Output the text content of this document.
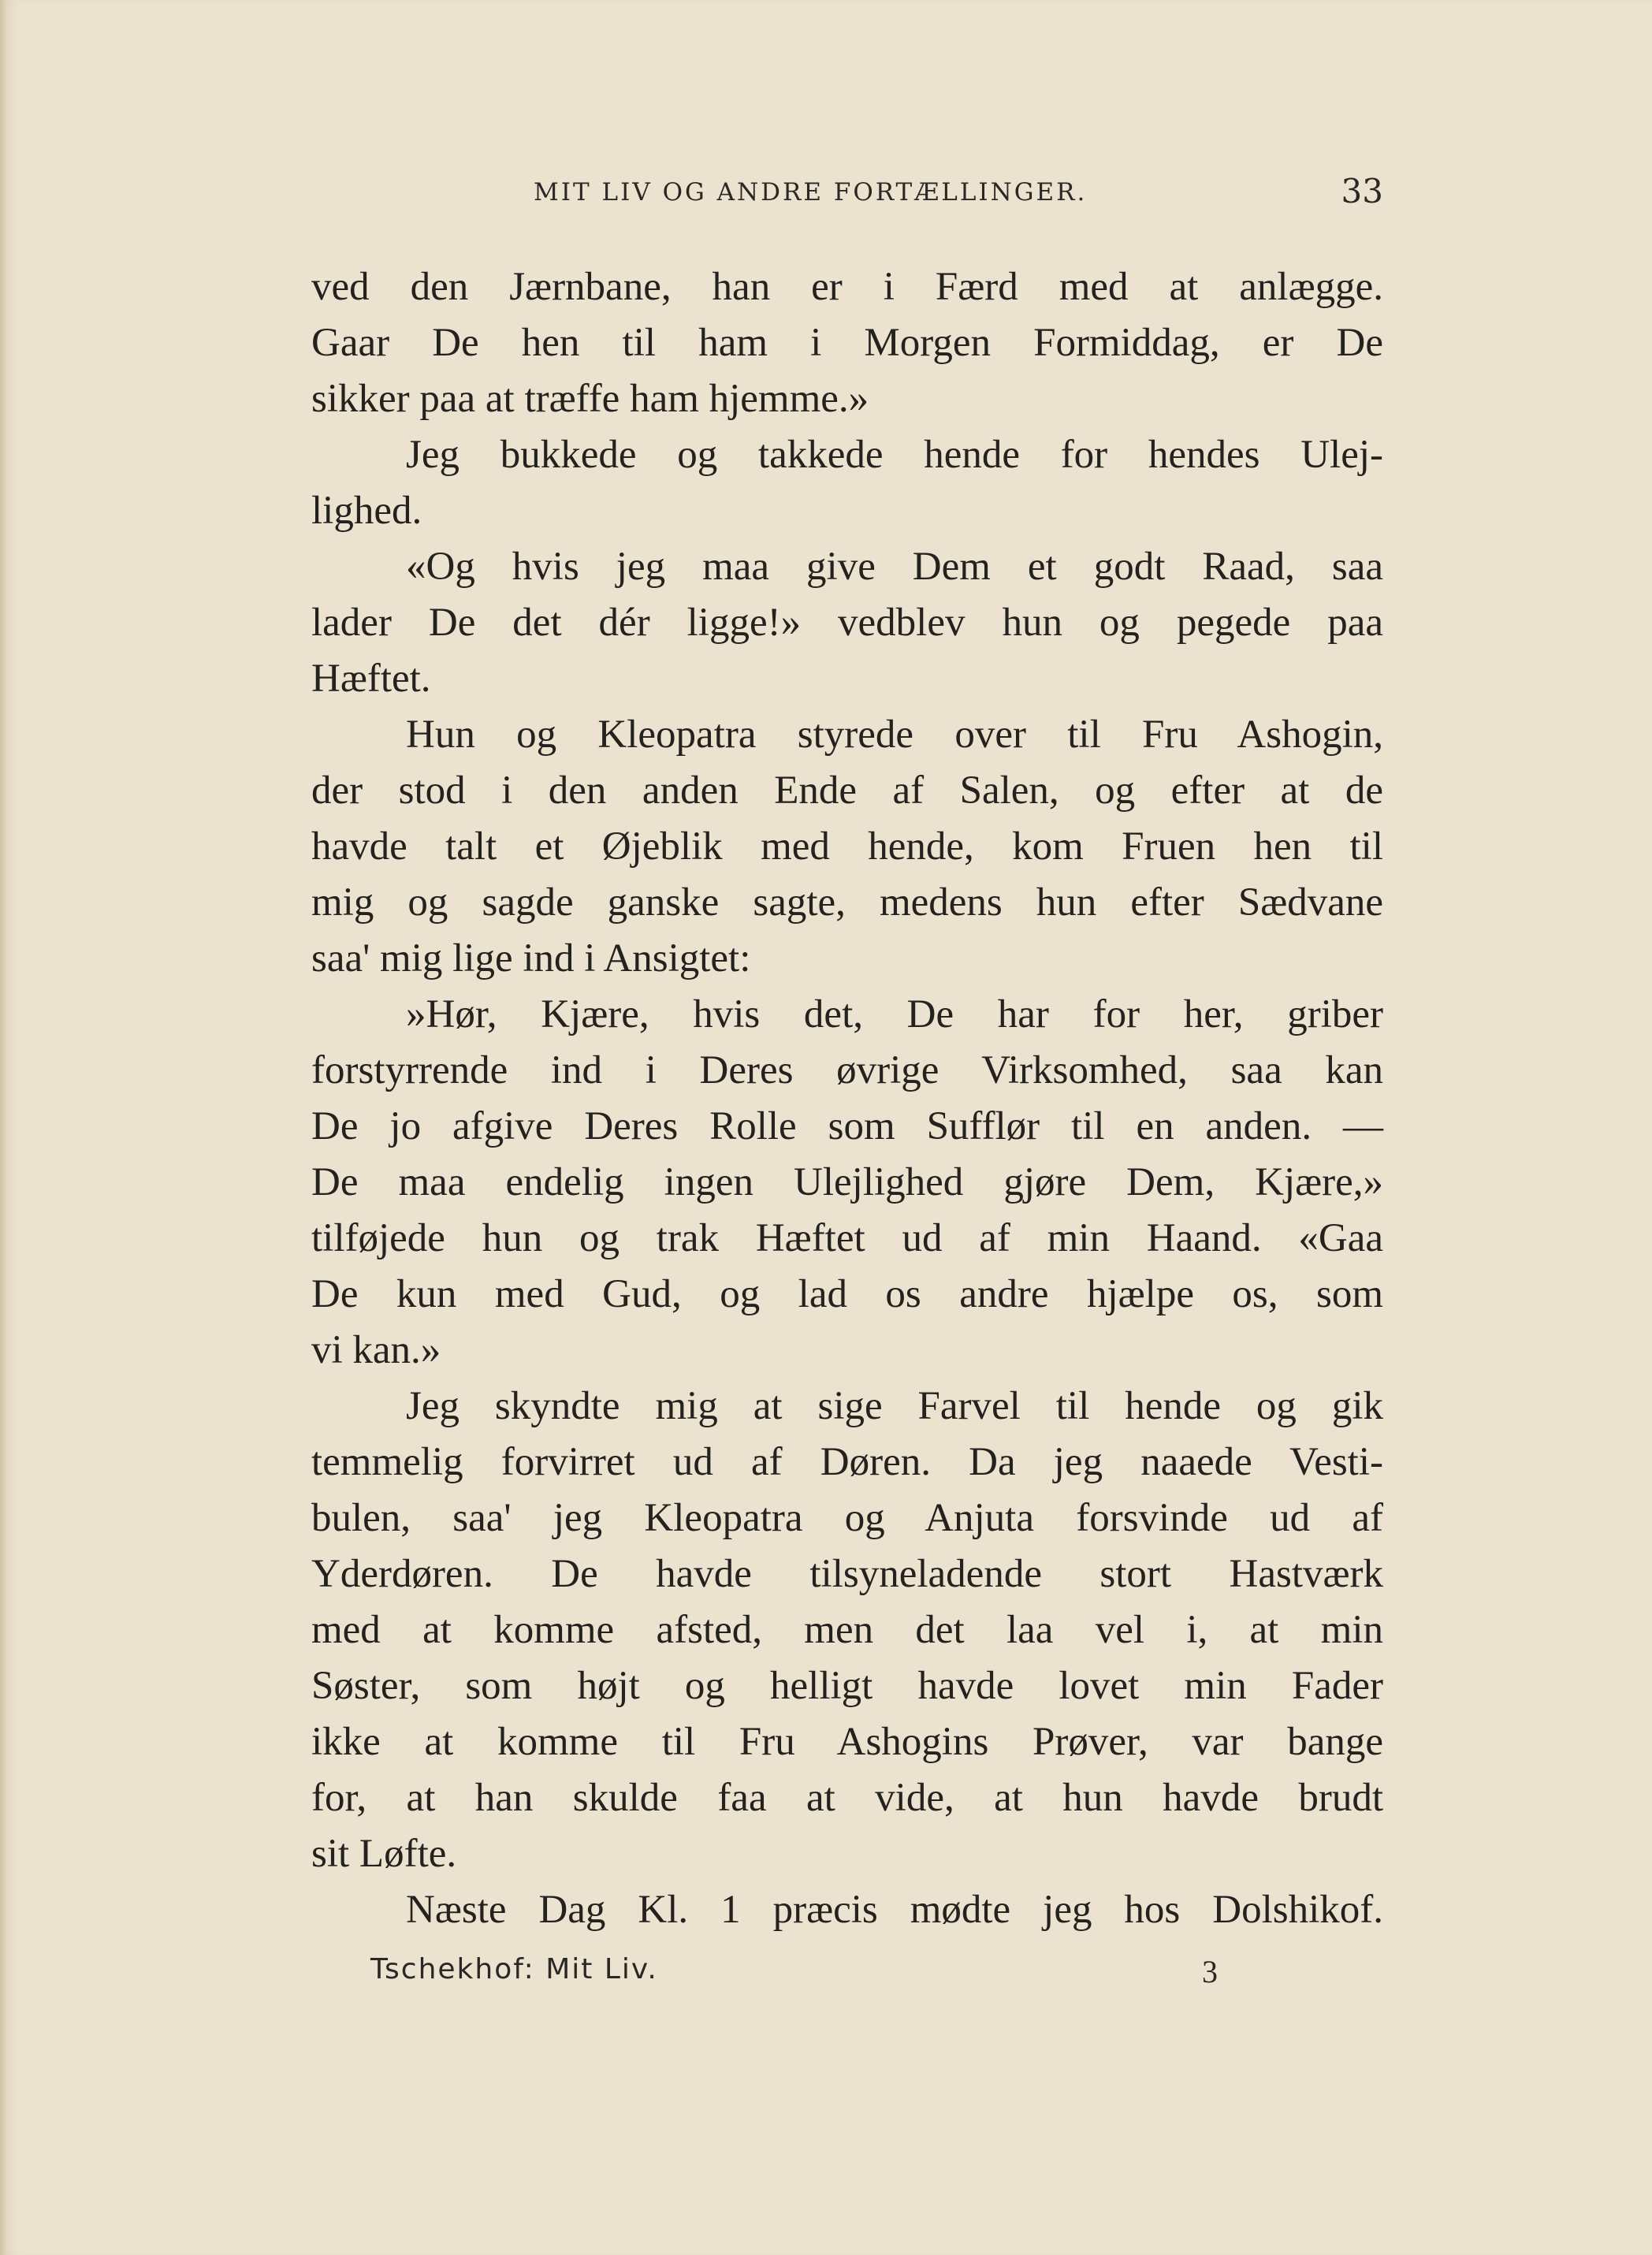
MIT LIV OG ANDRE FORTÆLLINGER.	33
ved den Jærnbane, han er i Færd med at anlægge.
Gaar De hen til ham i Morgen Formiddag, er De
sikker paa at træffe ham hjemme.»
Jeg bukkede og takkede hende for hendes Ulej-
lighed.
«Og hvis jeg maa give Dem et godt Raad, saa
lader De det dér ligge!» vedblev hun og pegede paa
Hæftet.
Hun og Kleopatra styrede over til Fru Ashogin,
der stod i den anden Ende af Salen, og efter at de
havde talt et Øjeblik med hende, kom Fruen hen til
mig og sagde ganske sagte, medens hun efter Sædvane
saa' mig lige ind i Ansigtet:
»Hør, Kjære, hvis det, De har for her, griber
forstyrrende ind i Deres øvrige Virksomhed, saa kan
De jo afgive Deres Rolle som Sufflør til en anden. —
De maa endelig ingen Ulejlighed gjøre Dem, Kjære,»
tilføjede hun og trak Hæftet ud af min Haand. «Gaa
De kun med Gud, og lad os andre hjælpe os, som
vi kan.»
Jeg skyndte mig at sige Farvel til hende og gik
temmelig forvirret ud af Døren. Da jeg naaede Vesti-
bulen, saa' jeg Kleopatra og Anjuta forsvinde ud af
Yderdøren. De havde tilsyneladende stort Hastværk
med at komme afsted, men det laa vel i, at min
Søster, som højt og helligt havde lovet min Fader
ikke at komme til Fru Ashogins Prøver, var bange
for, at han skulde faa at vide, at hun havde brudt
sit Løfte.
Næste Dag Kl. 1 præcis mødte jeg hos Dolshikof.
Tschekhof: Mit Liv.	3
